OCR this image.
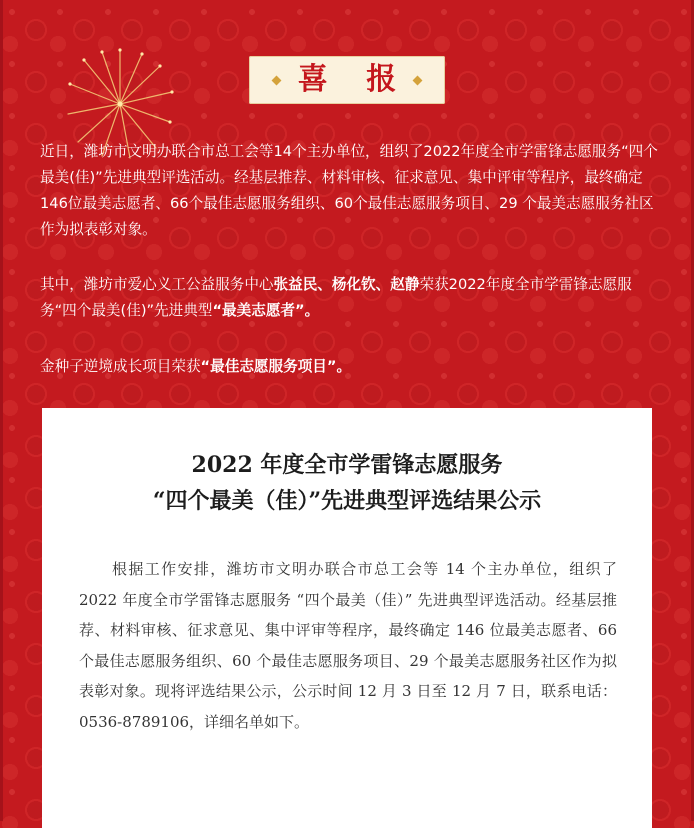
喜 报

近日，潍坊市文明办联合市总工会等14个主办单位，组织了2022年度全市学雷锋志愿服务“四个最美(佳)”先进典型评选活动。经基层推荐、材料审核、征求意见、集中评审等程序，最终确定146位最美志愿者、66个最佳志愿服务组织、60个最佳志愿服务项目、29 个最美志愿服务社区作为拟表彰对象。

其中，潍坊市爱心义工公益服务中心张益民、杨化钦、赵静荣获2022年度全市学雷锋志愿服务“四个最美(佳)”先进典型“最美志愿者”。

金种子逆境成长项目荣获“最佳志愿服务项目”。

2022 年度全市学雷锋志愿服务
“四个最美（佳）”先进典型评选结果公示

根据工作安排，潍坊市文明办联合市总工会等 14 个主办单位，组织了 2022 年度全市学雷锋志愿服务 “四个最美（佳）” 先进典型评选活动。经基层推荐、材料审核、征求意见、集中评审等程序，最终确定 146 位最美志愿者、66 个最佳志愿服务组织、60 个最佳志愿服务项目、29 个最美志愿服务社区作为拟表彰对象。现将评选结果公示，公示时间 12 月 3 日至 12 月 7 日，联系电话：0536-8789106，详细名单如下。
